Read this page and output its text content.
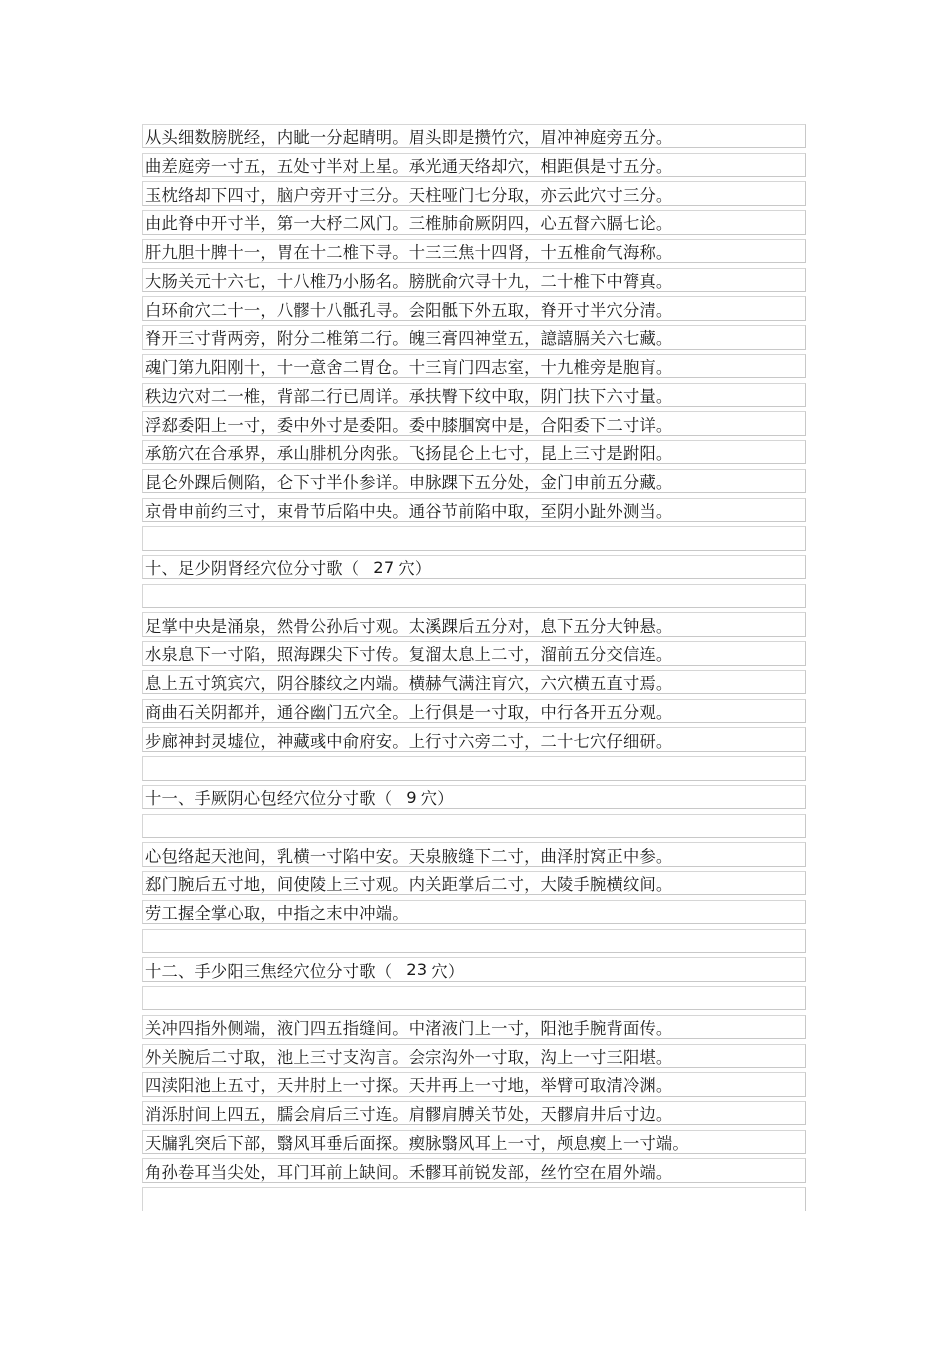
从头细数膀胱经，内眦一分起睛明。眉头即是攒竹穴，眉冲神庭旁五分。
曲差庭旁一寸五，五处寸半对上星。承光通天络却穴，相距俱是寸五分。
玉枕络却下四寸，脑户旁开寸三分。天柱哑门七分取，亦云此穴寸三分。
由此脊中开寸半，第一大杼二风门。三椎肺俞厥阴四，心五督六膈七论。
肝九胆十脾十一，胃在十二椎下寻。十三三焦十四肾，十五椎俞气海称。
大肠关元十六七，十八椎乃小肠名。膀胱俞穴寻十九，二十椎下中膂真。
白环俞穴二十一，八髎十八骶孔寻。会阳骶下外五取，脊开寸半穴分清。
脊开三寸背两旁，附分二椎第二行。魄三膏四神堂五，譩譆膈关六七藏。
魂门第九阳刚十，十一意舍二胃仓。十三肓门四志室，十九椎旁是胞肓。
秩边穴对二一椎，背部二行已周详。承扶臀下纹中取，阴门扶下六寸量。
浮郄委阳上一寸，委中外寸是委阳。委中膝腘窝中是，合阳委下二寸详。
承筋穴在合承界，承山腓机分肉张。飞扬昆仑上七寸，昆上三寸是跗阳。
昆仑外踝后侧陷，仑下寸半仆参详。申脉踝下五分处，金门申前五分藏。
京骨申前约三寸，束骨节后陷中央。通谷节前陷中取，至阴小趾外测当。
十、足少阴肾经穴位分寸歌（ 27 穴）
足掌中央是涌泉，然骨公孙后寸观。太溪踝后五分对，息下五分大钟悬。
水泉息下一寸陷，照海踝尖下寸传。复溜太息上二寸，溜前五分交信连。
息上五寸筑宾穴，阴谷膝纹之内端。横赫气满注肓穴，六穴横五直寸焉。
商曲石关阴都并，通谷幽门五穴全。上行俱是一寸取，中行各开五分观。
步廊神封灵墟位，神藏彧中俞府安。上行寸六旁二寸，二十七穴仔细研。
十一、手厥阴心包经穴位分寸歌（ 9 穴）
心包络起天池间，乳横一寸陷中安。天泉腋缝下二寸，曲泽肘窝正中参。
郄门腕后五寸地，间使陵上三寸观。内关距掌后二寸，大陵手腕横纹间。
劳工握全掌心取，中指之末中冲端。
十二、手少阳三焦经穴位分寸歌（ 23 穴）
关冲四指外侧端，液门四五指缝间。中渚液门上一寸，阳池手腕背面传。
外关腕后二寸取，池上三寸支沟言。会宗沟外一寸取，沟上一寸三阳堪。
四渎阳池上五寸，天井肘上一寸探。天井再上一寸地，举臂可取清冷渊。
消泺肘间上四五，臑会肩后三寸连。肩髎肩膊关节处，天髎肩井后寸边。
天牖乳突后下部，翳风耳垂后面探。瘈脉翳风耳上一寸，颅息瘈上一寸端。
角孙卷耳当尖处，耳门耳前上缺间。禾髎耳前锐发部，丝竹空在眉外端。
